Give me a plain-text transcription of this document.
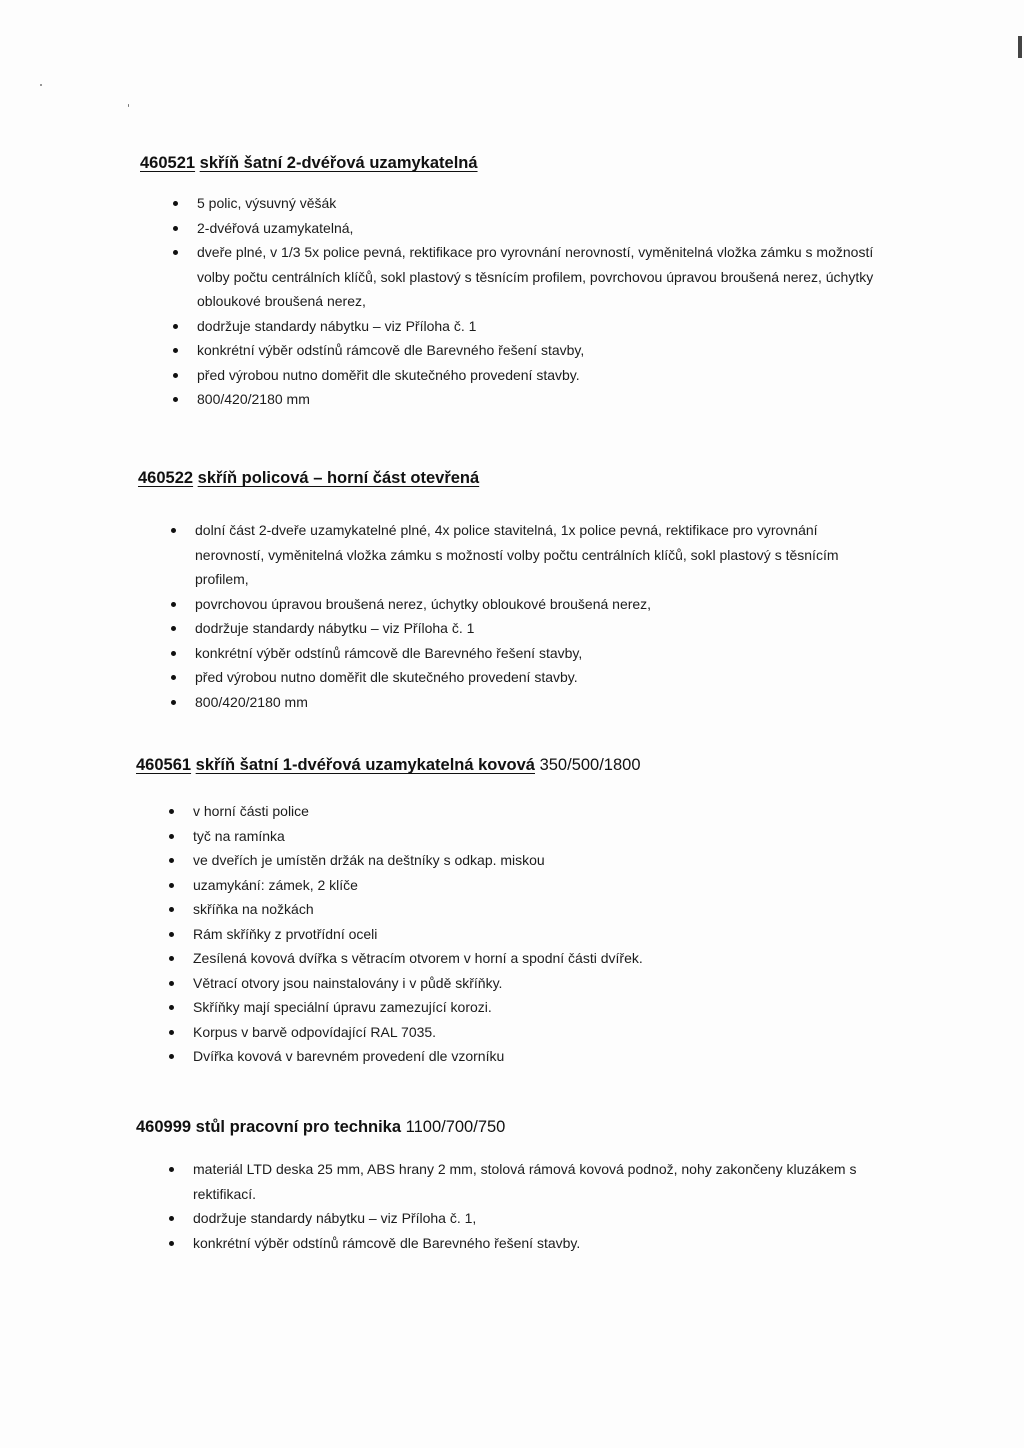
460521 skříň šatní 2-dvéřová uzamykatelná
5 polic, výsuvný věšák
2-dvéřová uzamykatelná,
dveře plné, v 1/3 5x police pevná, rektifikace pro vyrovnání nerovností, vyměnitelná vložka zámku s možností volby počtu centrálních klíčů, sokl plastový s těsnícím profilem, povrchovou úpravou broušená nerez, úchytky obloukové broušená nerez,
dodržuje standardy nábytku – viz Příloha č. 1
konkrétní výběr odstínů rámcově dle Barevného řešení stavby,
před výrobou nutno doměřit dle skutečného provedení stavby.
800/420/2180 mm
460522 skříň policová – horní část otevřená
dolní část 2-dveře uzamykatelné plné, 4x police stavitelná, 1x police pevná, rektifikace pro vyrovnání nerovností, vyměnitelná vložka zámku s možností volby počtu centrálních klíčů, sokl plastový s těsnícím profilem,
povrchovou úpravou broušená nerez, úchytky obloukové broušená nerez,
dodržuje standardy nábytku – viz Příloha č. 1
konkrétní výběr odstínů rámcově dle Barevného řešení stavby,
před výrobou nutno doměřit dle skutečného provedení stavby.
800/420/2180 mm
460561 skříň šatní 1-dvéřová uzamykatelná kovová 350/500/1800
v horní části police
tyč na ramínka
ve dveřích je umístěn držák na deštníky s odkap. miskou
uzamykání: zámek, 2 klíče
skříňka na nožkách
Rám skříňky z prvotřídní oceli
Zesílená kovová dvířka s větracím otvorem v horní a spodní části dvířek.
Větrací otvory jsou nainstalovány i v půdě skříňky.
Skříňky mají speciální úpravu zamezující korozi.
Korpus v barvě odpovídající RAL 7035.
Dvířka kovová v barevném provedení dle vzorníku
460999 stůl pracovní pro technika 1100/700/750
materiál LTD deska 25 mm, ABS hrany 2 mm, stolová rámová kovová podnož, nohy zakončeny kluzákem s rektifikací.
dodržuje standardy nábytku – viz Příloha č. 1,
konkrétní výběr odstínů rámcově dle Barevného řešení stavby.
